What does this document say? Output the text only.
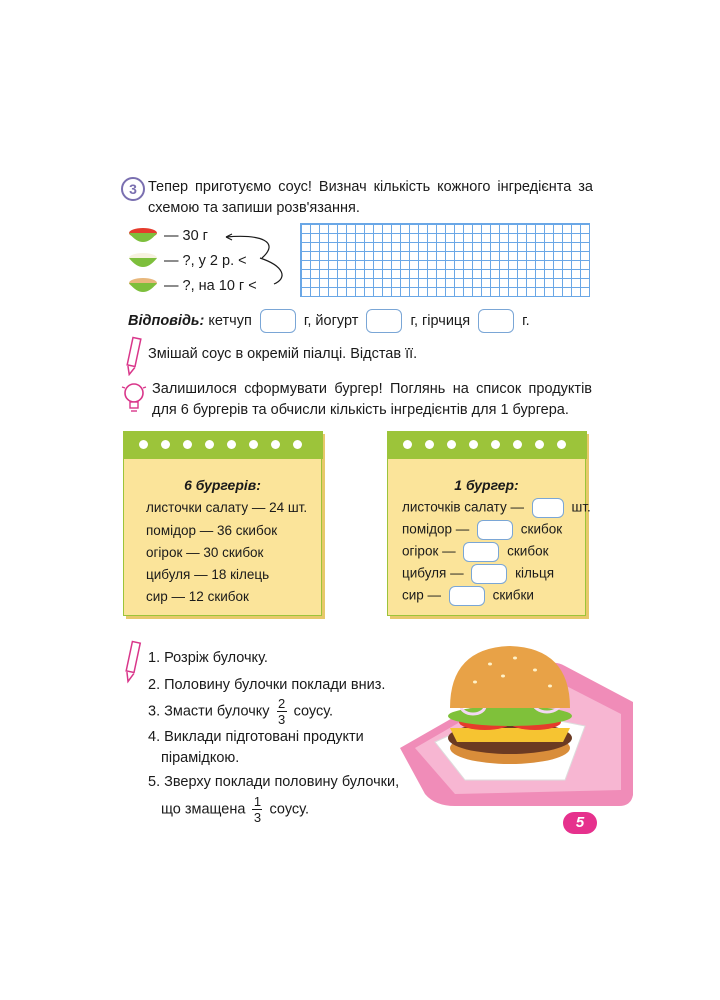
3 Тепер приготуємо соус! Визнач кількість кожного інгредієнта за схемою та запиши розв'язання.
— 30 г
— ?, у 2 р. <
— ?, на 10 г <
Відповідь: кетчуп	г, йогурт	г, гірчиця	г.
Змішай соус в окремій піалці. Відстав її.
Залишилося сформувати бургер! Поглянь на список продуктів для 6 бургерів та обчисли кількість інгредієнтів для 1 бургера.
6 бургерів:
листочки салату — 24 шт.
помідор — 36 скибок
огірок — 30 скибок
цибуля — 18 кілець
сир — 12 скибок
1 бургер:
листочків салату —	шт.
помідор —	скибок
огірок —	скибок
цибуля —	кільця
сир —	скибки
1. Розріж булочку.
2. Половину булочки поклади вниз.
3. Змасти булочку $\frac{2}{3}$ соусу.
4. Виклади підготовані продукти
пірамідкою.
5. Зверху поклади половину булочки,
що змащена $\frac{1}{3}$ соусу.
5
